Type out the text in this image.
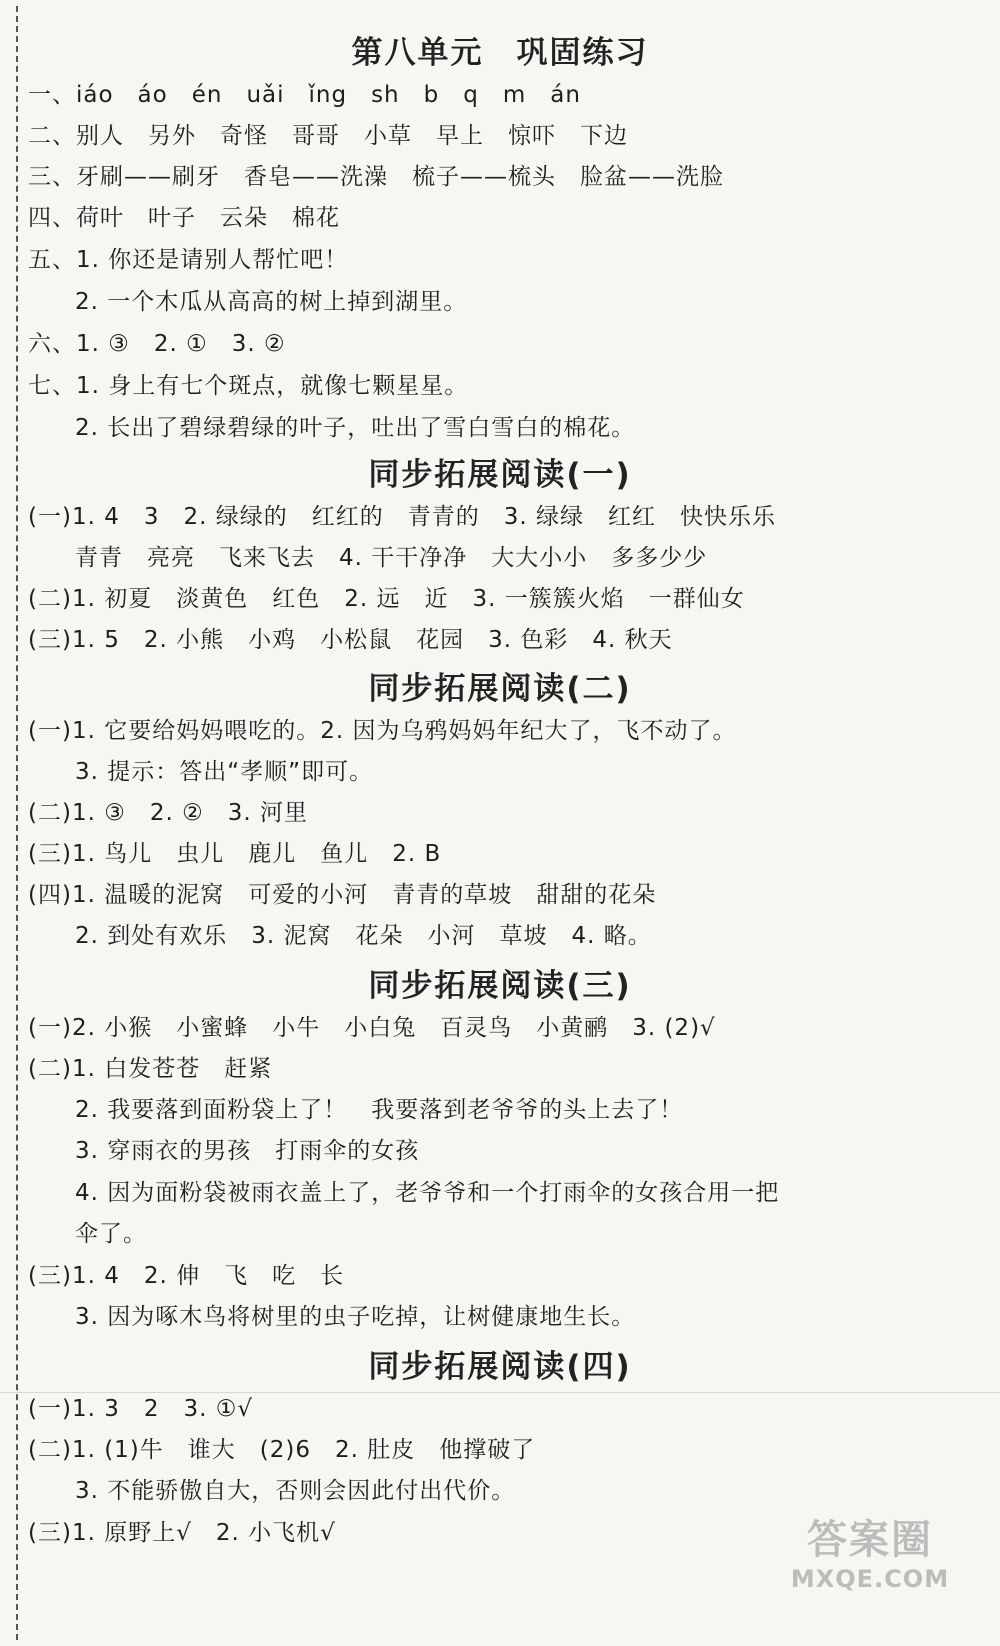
第八单元　巩固练习
一、iáo　áo　én　uǎi　ǐng　sh　b　q　m　án
二、别人　另外　奇怪　哥哥　小草　早上　惊吓　下边
三、牙刷——刷牙　香皂——洗澡　梳子——梳头　脸盆——洗脸
四、荷叶　叶子　云朵　棉花
五、1. 你还是请别人帮忙吧！
2. 一个木瓜从高高的树上掉到湖里。
六、1. ③　2. ①　3. ②
七、1. 身上有七个斑点，就像七颗星星。
2. 长出了碧绿碧绿的叶子，吐出了雪白雪白的棉花。
同步拓展阅读(一)
(一)1. 4　3　2. 绿绿的　红红的　青青的　3. 绿绿　红红　快快乐乐
青青　亮亮　飞来飞去　4. 干干净净　大大小小　多多少少
(二)1. 初夏　淡黄色　红色　2. 远　近　3. 一簇簇火焰　一群仙女
(三)1. 5　2. 小熊　小鸡　小松鼠　花园　3. 色彩　4. 秋天
同步拓展阅读(二)
(一)1. 它要给妈妈喂吃的。2. 因为乌鸦妈妈年纪大了，飞不动了。
3. 提示：答出“孝顺”即可。
(二)1. ③　2. ②　3. 河里
(三)1. 鸟儿　虫儿　鹿儿　鱼儿　2. B
(四)1. 温暖的泥窝　可爱的小河　青青的草坡　甜甜的花朵
2. 到处有欢乐　3. 泥窝　花朵　小河　草坡　4. 略。
同步拓展阅读(三)
(一)2. 小猴　小蜜蜂　小牛　小白兔　百灵鸟　小黄鹂　3. (2)√
(二)1. 白发苍苍　赶紧
2. 我要落到面粉袋上了！　我要落到老爷爷的头上去了！
3. 穿雨衣的男孩　打雨伞的女孩
4. 因为面粉袋被雨衣盖上了，老爷爷和一个打雨伞的女孩合用一把
伞了。
(三)1. 4　2. 伸　飞　吃　长
3. 因为啄木鸟将树里的虫子吃掉，让树健康地生长。
同步拓展阅读(四)
(一)1. 3　2　3. ①√
(二)1. (1)牛　谁大　(2)6　2. 肚皮　他撑破了
3. 不能骄傲自大，否则会因此付出代价。
(三)1. 原野上√　2. 小飞机√	答案圈
MXQE.COM
